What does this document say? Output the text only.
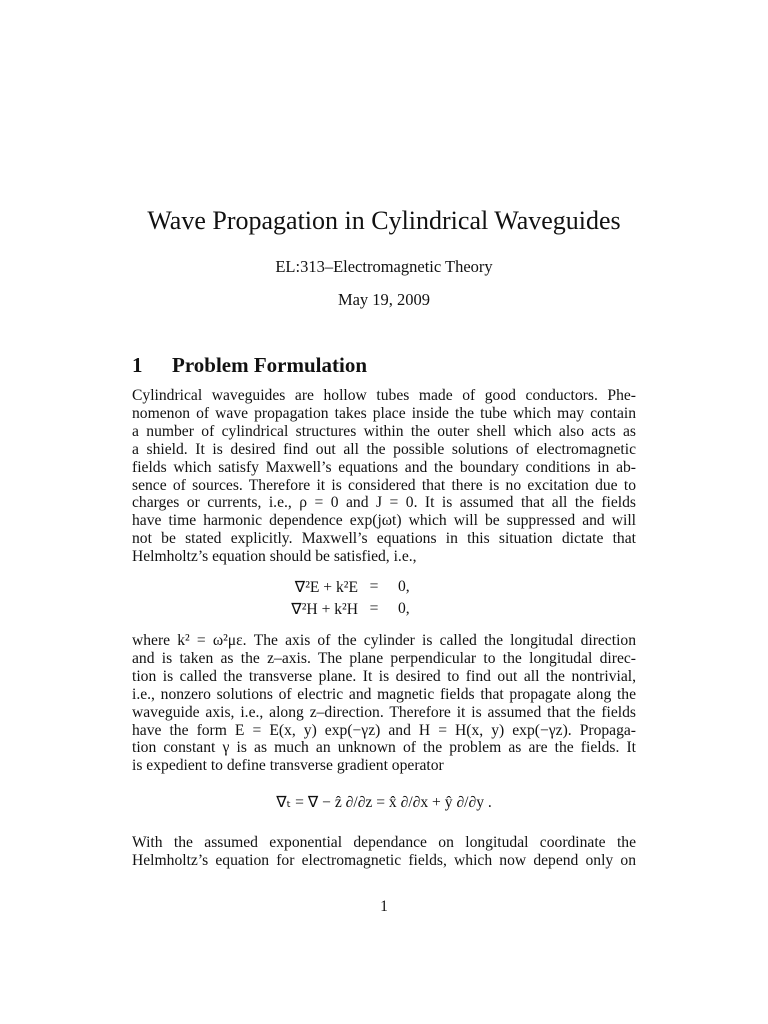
Wave Propagation in Cylindrical Waveguides
EL:313–Electromagnetic Theory
May 19, 2009
1 Problem Formulation
Cylindrical waveguides are hollow tubes made of good conductors. Phe-
nomenon of wave propagation takes place inside the tube which may contain
a number of cylindrical structures within the outer shell which also acts as
a shield. It is desired find out all the possible solutions of electromagnetic
fields which satisfy Maxwell’s equations and the boundary conditions in ab-
sence of sources. Therefore it is considered that there is no excitation due to
charges or currents, i.e., ρ = 0 and J = 0. It is assumed that all the fields
have time harmonic dependence exp(jωt) which will be suppressed and will
not be stated explicitly. Maxwell’s equations in this situation dictate that
Helmholtz’s equation should be satisfied, i.e.,
∇²E + k²E =	0,
∇²H + k²H =	0,
where k² = ω²με. The axis of the cylinder is called the longitudal direction
and is taken as the z–axis. The plane perpendicular to the longitudal direc-
tion is called the transverse plane. It is desired to find out all the nontrivial,
i.e., nonzero solutions of electric and magnetic fields that propagate along the
waveguide axis, i.e., along z–direction. Therefore it is assumed that the fields
have the form E = E(x, y) exp(−γz) and H = H(x, y) exp(−γz). Propaga-
tion constant γ is as much an unknown of the problem as are the fields. It
is expedient to define transverse gradient operator
∇ₜ = ∇ − ẑ ∂/∂z = x̂ ∂/∂x + ŷ ∂/∂y .
With the assumed exponential dependance on longitudal coordinate the
Helmholtz’s equation for electromagnetic fields, which now depend only on
1
